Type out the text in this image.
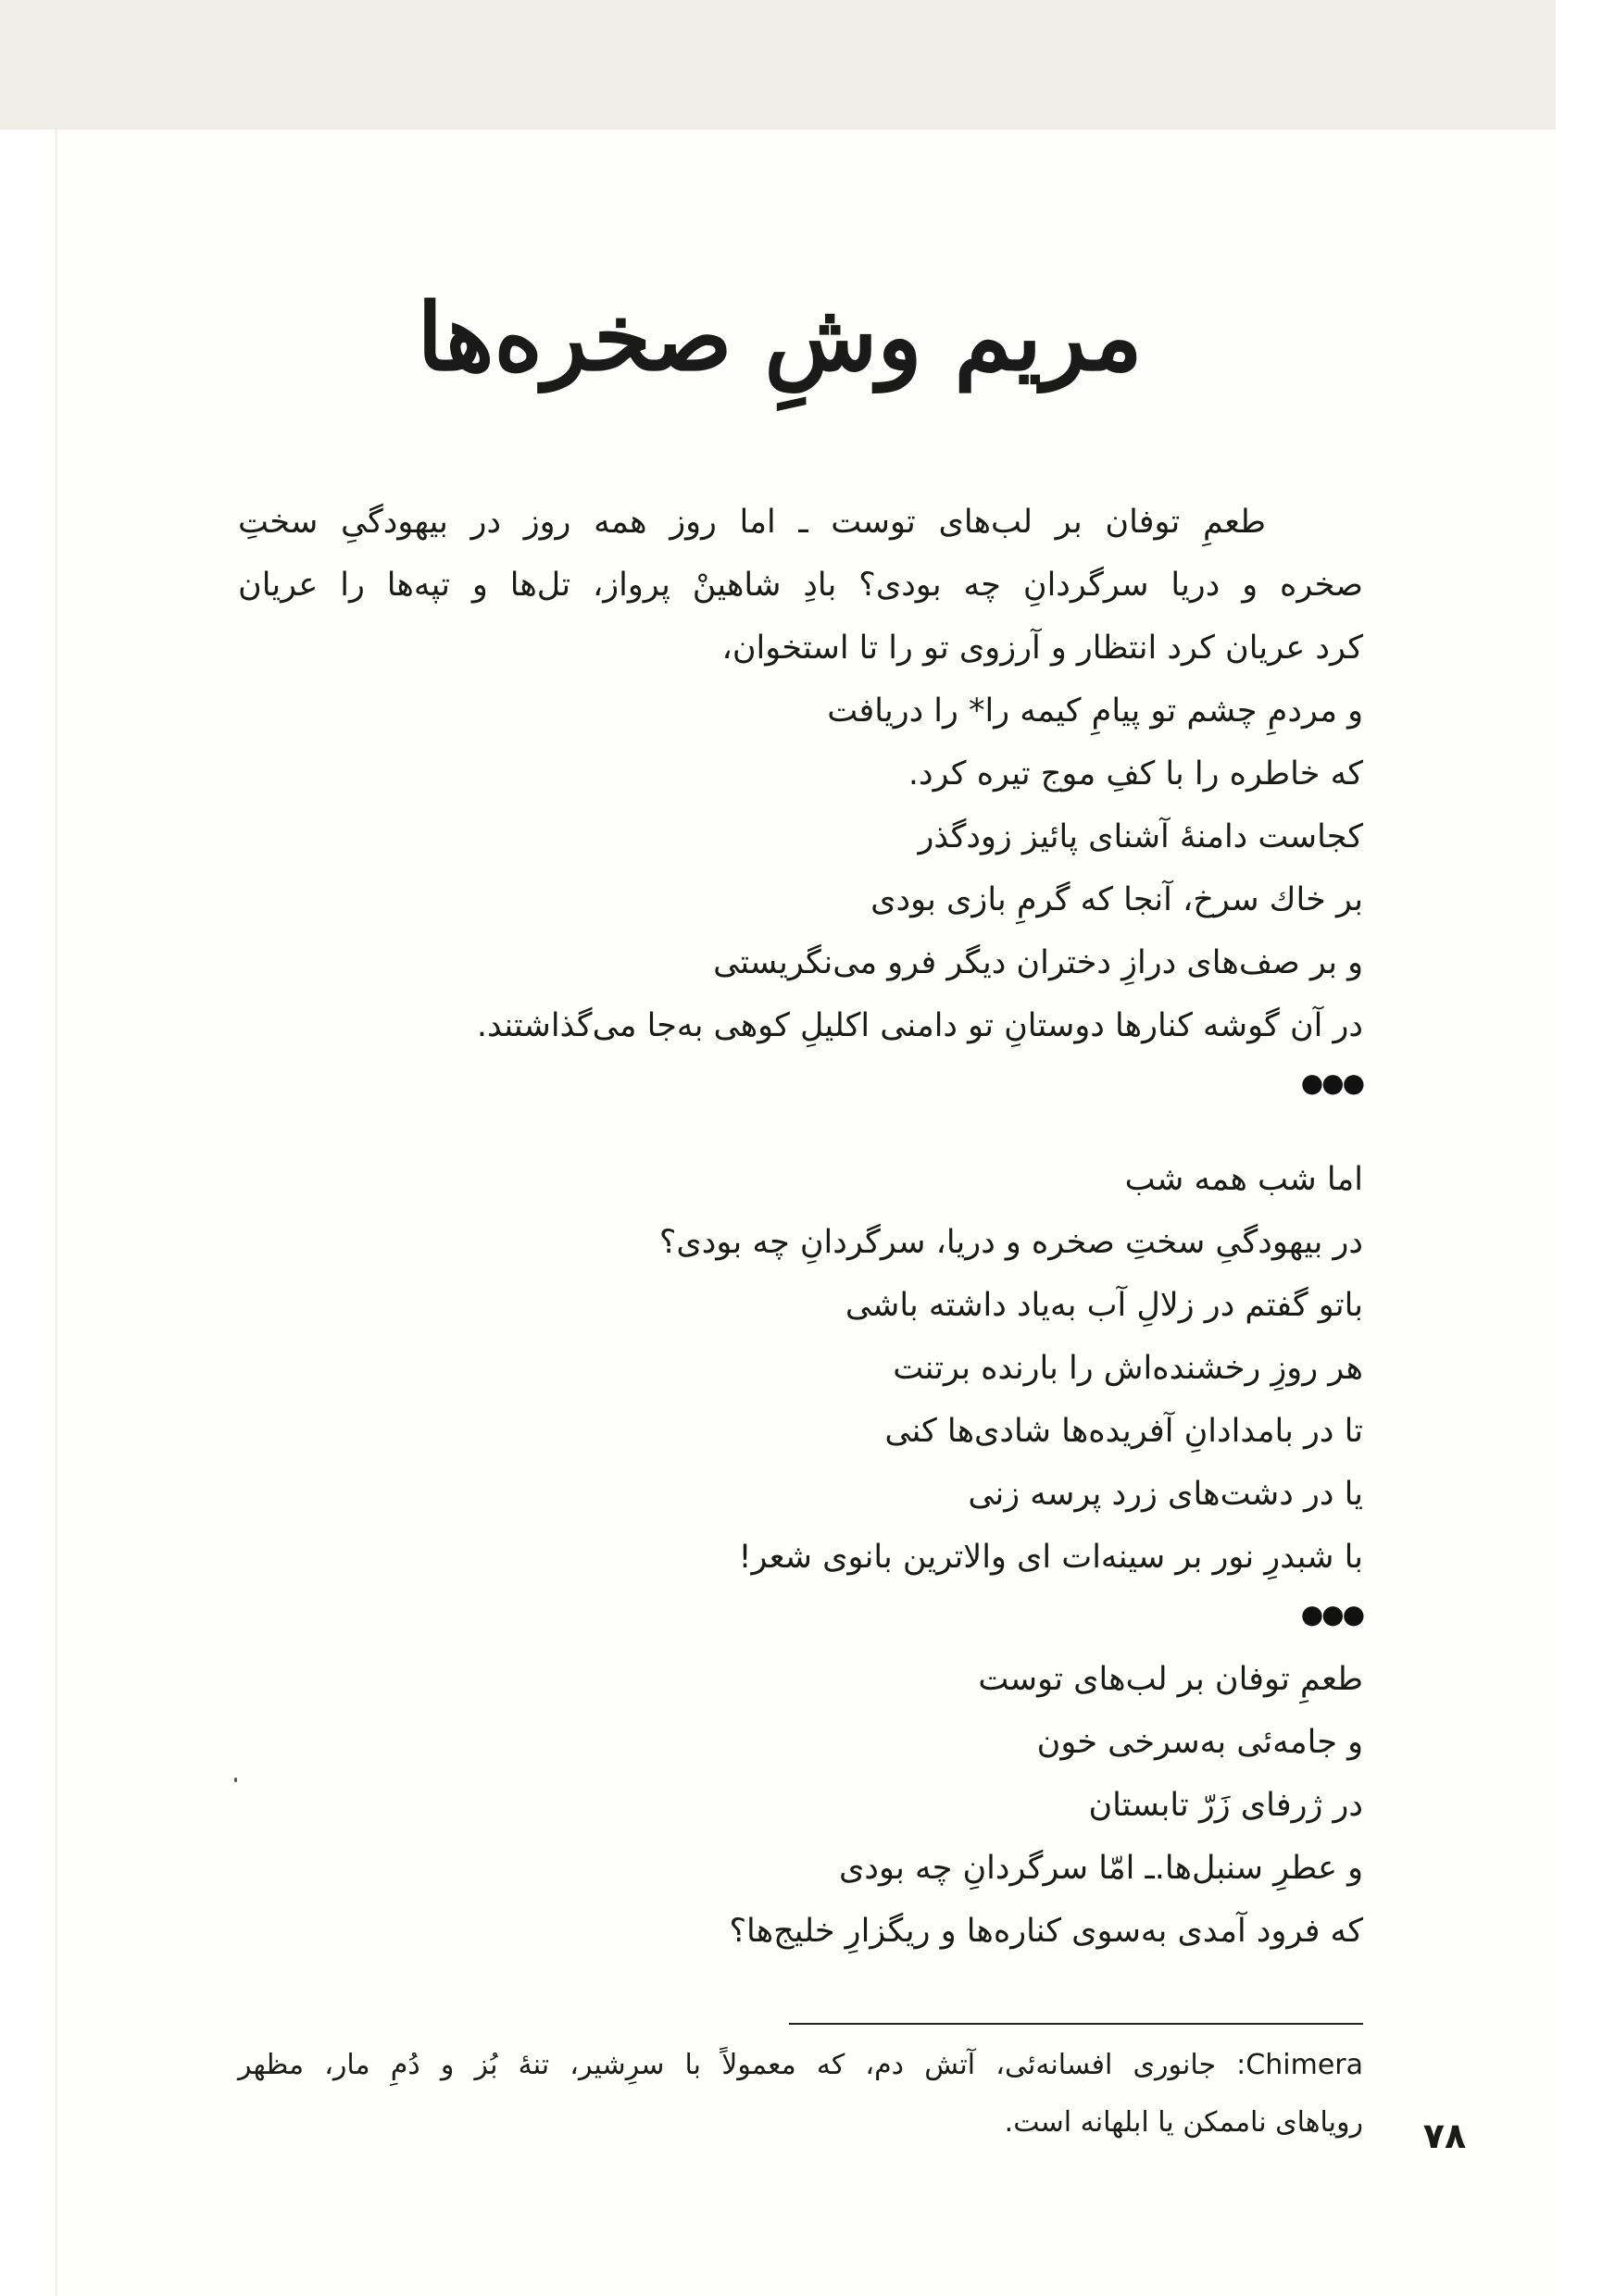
مریم وشِ صخره‌ها
طعمِ توفان بر لب‌های توست ـ اما روز همه روز در بیهودگیِ سختِ
صخره و دریا سرگردانِ چه بودی؟ بادِ شاهینْ پرواز، تل‌ها و تپه‌ها را عریان
کرد عریان کرد انتظار و آرزوی تو را تا استخوان،
و مردمِ چشم تو پیامِ کیمه را* را دریافت
که خاطره را با کفِ موج تیره کرد.
کجاست دامنهٔ آشنای پائیز زودگذر
بر خاك سرخ، آنجا که گرمِ بازی بودی
و بر صف‌های درازِ دختران دیگر فرو می‌نگریستی
در آن گوشه کنارها دوستانِ تو دامنی اکلیلِ کوهی به‌جا می‌گذاشتند.
●●●
اما شب همه شب
در بیهودگیِ سختِ صخره و دریا، سرگردانِ چه بودی؟
باتو گفتم در زلالِ آب به‌یاد داشته باشی
هر روزِ رخشنده‌اش را بارنده برتنت
تا در بامدادانِ آفریده‌ها شادی‌ها کنی
یا در دشت‌های زرد پرسه زنی
با شبدرِ نور بر سینه‌ات ای والاترین بانوی شعر!
●●●
طعمِ توفان بر لب‌های توست
و جامه‌ئی به‌سرخی خون
در ژرفای زَرّ تابستان
و عطرِ سنبل‌ها.ـ امّا سرگردانِ چه بودی
که فرود آمدی به‌سوی کناره‌ها و ریگزارِ خلیج‌ها؟
Chimera: جانوری افسانه‌ئی، آتش دم، که معمولاً با سرِشیر، تنهٔ بُز و دُمِ مار، مظهر
رویاهای ناممکن یا ابلهانه است.	۷۸
